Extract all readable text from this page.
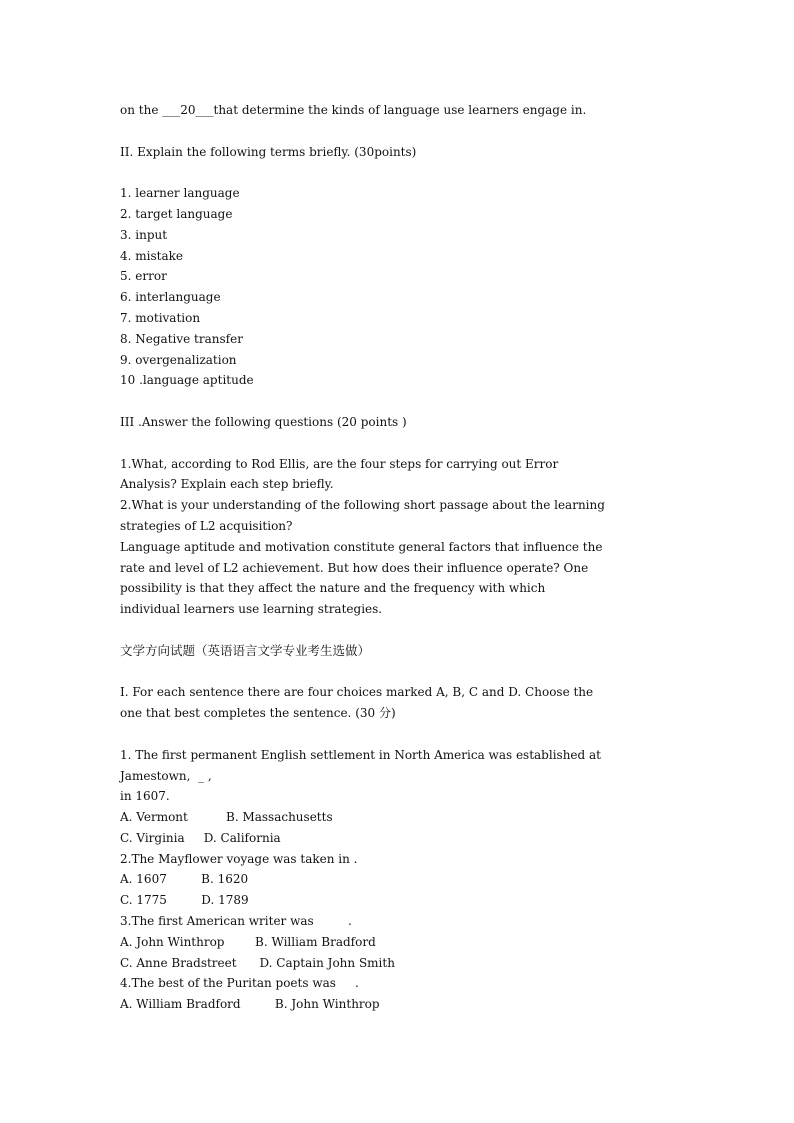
on the ___20___that determine the kinds of language use learners engage in.
II. Explain the following terms briefly. (30points)
1. learner language
2. target language
3. input
4. mistake
5. error
6. interlanguage
7. motivation
8. Negative transfer
9. overgenalization
10 .language aptitude
III .Answer the following questions (20 points )
1.What, according to Rod Ellis, are the four steps for carrying out Error
Analysis? Explain each step briefly.
2.What is your understanding of the following short passage about the learning
strategies of L2 acquisition?
Language aptitude and motivation constitute general factors that influence the
rate and level of L2 achievement. But how does their influence operate? One
possibility is that they affect the nature and the frequency with which
individual learners use learning strategies.
文学方向试题（英语语言文学专业考生选做）
I. For each sentence there are four choices marked A, B, C and D. Choose the
one that best completes the sentence. (30 分)
1. The first permanent English settlement in North America was established at
Jamestown,  _ ,
in 1607.
A. Vermont          B. Massachusetts
C. Virginia     D. California
2.The Mayflower voyage was taken in .
A. 1607         B. 1620
C. 1775         D. 1789
3.The first American writer was         .
A. John Winthrop        B. William Bradford
C. Anne Bradstreet      D. Captain John Smith
4.The best of the Puritan poets was     .
A. William Bradford         B. John Winthrop
